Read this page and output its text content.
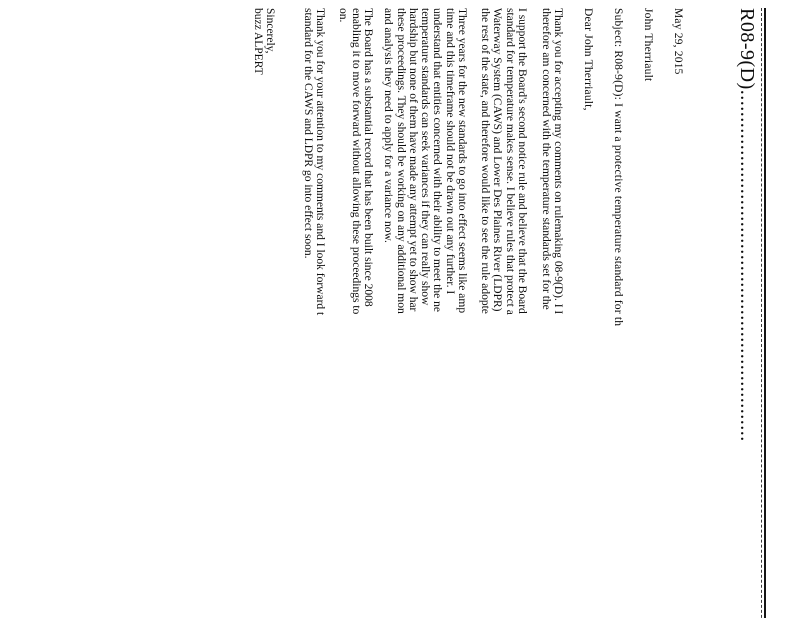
R08-9(D)................................................................
May 29, 2015
John Therriault
Subject: R08-9(D): I want a protective temperature standard for th
Dear John Therriault,
Thank you for accepting my comments on rulemaking 08-9(D). I I
therefore am concerned with the temperature standards set for the
I support the Board's second notice rule and believe that the Board
standard for temperature makes sense. I believe rules that protect a
Waterway System (CAWS) and Lower Des Plaines River (LDPR)
the rest of the state, and therefore would like to see the rule adopte
Three years for the new standards to go into effect seems like amp
time and this timeframe should not be drawn out any further. I
understand that entities concerned with their ability to meet the ne
temperature standards can seek variances if they can really show
hardship but none of them have made any attempt yet to show har
these proceedings. They should be working on any additional mon
and analysis they need to apply for a variance now.
The Board has a substantial record that has been built since 2008
enabling it to move forward without allowing these proceedings to
on.
Thank you for your attention to my comments and I look forward t
standard for the CAWS and LDPR go into effect soon.
Sincerely,
buzz ALPERT
